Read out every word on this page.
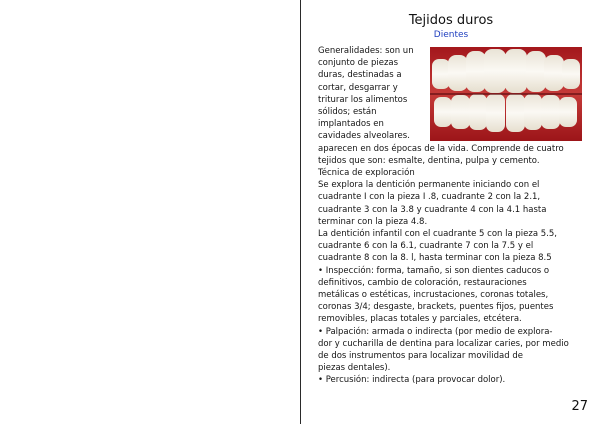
Tejidos duros
Dientes
Generalidades: son un
conjunto de piezas
duras, destinadas a
cortar, desgarrar y
triturar los alimentos
sólidos; están
implantados en
cavidades alveolares.
aparecen en dos épocas de la vida. Comprende de cuatro
tejidos que son: esmalte, dentina, pulpa y cemento.
Técnica de exploración
Se explora la dentición permanente iniciando con el
cuadrante I con la pieza I .8, cuadrante 2 con la 2.1,
cuadrante 3 con la 3.8 y cuadrante 4 con la 4.1 hasta
terminar con la pieza 4.8.
La dentición infantil con el cuadrante 5 con la pieza 5.5,
cuadrante 6 con la 6.1, cuadrante 7 con la 7.5 y el
cuadrante 8 con la 8. l, hasta terminar con la pieza 8.5
• Inspección: forma, tamaño, si son dientes caducos o
definitivos, cambio de coloración, restauraciones
metálicas o estéticas, incrustaciones, coronas totales,
coronas 3/4; desgaste, brackets, puentes fijos, puentes
removibles, placas totales y parciales, etcétera.
• Palpación: armada o indirecta (por medio de explora-
dor y cucharilla de dentina para localizar caries, por medio
de dos instrumentos para localizar movilidad de
piezas dentales).
• Percusión: indirecta (para provocar dolor).
27
